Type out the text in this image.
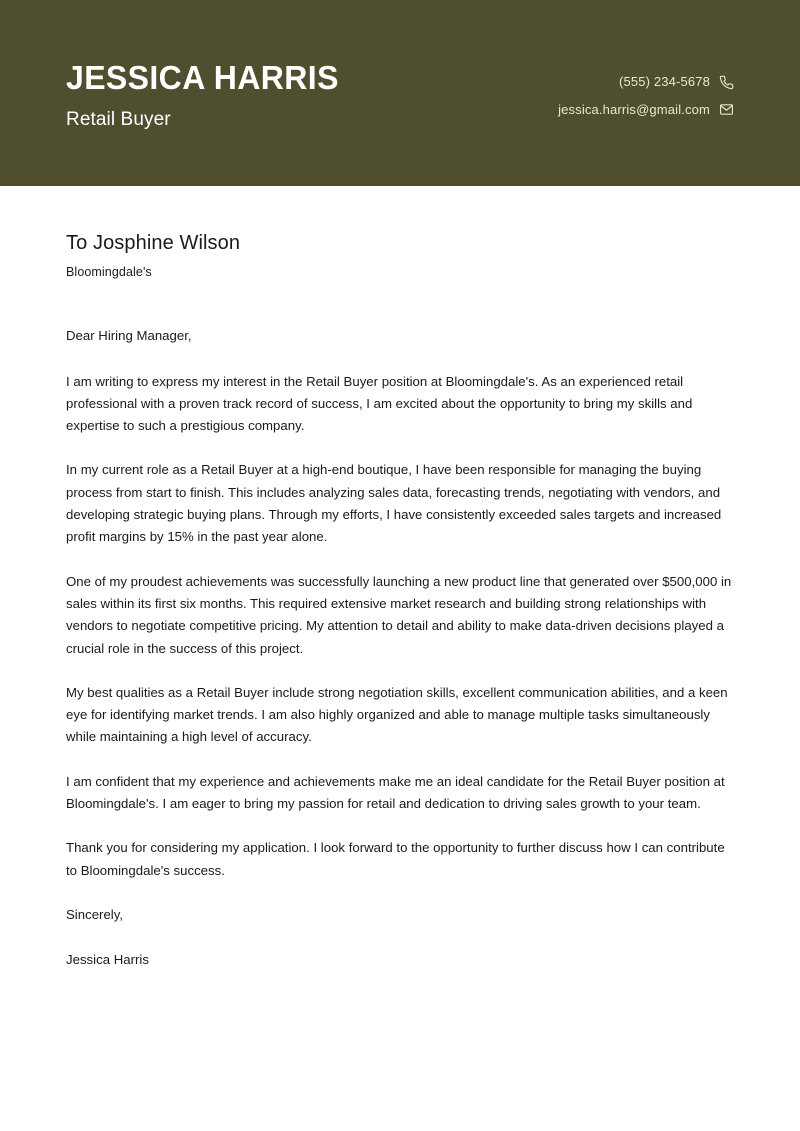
JESSICA HARRIS
Retail Buyer
(555) 234-5678
jessica.harris@gmail.com
To Josphine Wilson
Bloomingdale's

Dear Hiring Manager,

I am writing to express my interest in the Retail Buyer position at Bloomingdale's. As an experienced retail professional with a proven track record of success, I am excited about the opportunity to bring my skills and expertise to such a prestigious company.

In my current role as a Retail Buyer at a high-end boutique, I have been responsible for managing the buying process from start to finish. This includes analyzing sales data, forecasting trends, negotiating with vendors, and developing strategic buying plans. Through my efforts, I have consistently exceeded sales targets and increased profit margins by 15% in the past year alone.

One of my proudest achievements was successfully launching a new product line that generated over $500,000 in sales within its first six months. This required extensive market research and building strong relationships with vendors to negotiate competitive pricing. My attention to detail and ability to make data-driven decisions played a crucial role in the success of this project.

My best qualities as a Retail Buyer include strong negotiation skills, excellent communication abilities, and a keen eye for identifying market trends. I am also highly organized and able to manage multiple tasks simultaneously while maintaining a high level of accuracy.

I am confident that my experience and achievements make me an ideal candidate for the Retail Buyer position at Bloomingdale's. I am eager to bring my passion for retail and dedication to driving sales growth to your team.

Thank you for considering my application. I look forward to the opportunity to further discuss how I can contribute to Bloomingdale's success.

Sincerely,

Jessica Harris
